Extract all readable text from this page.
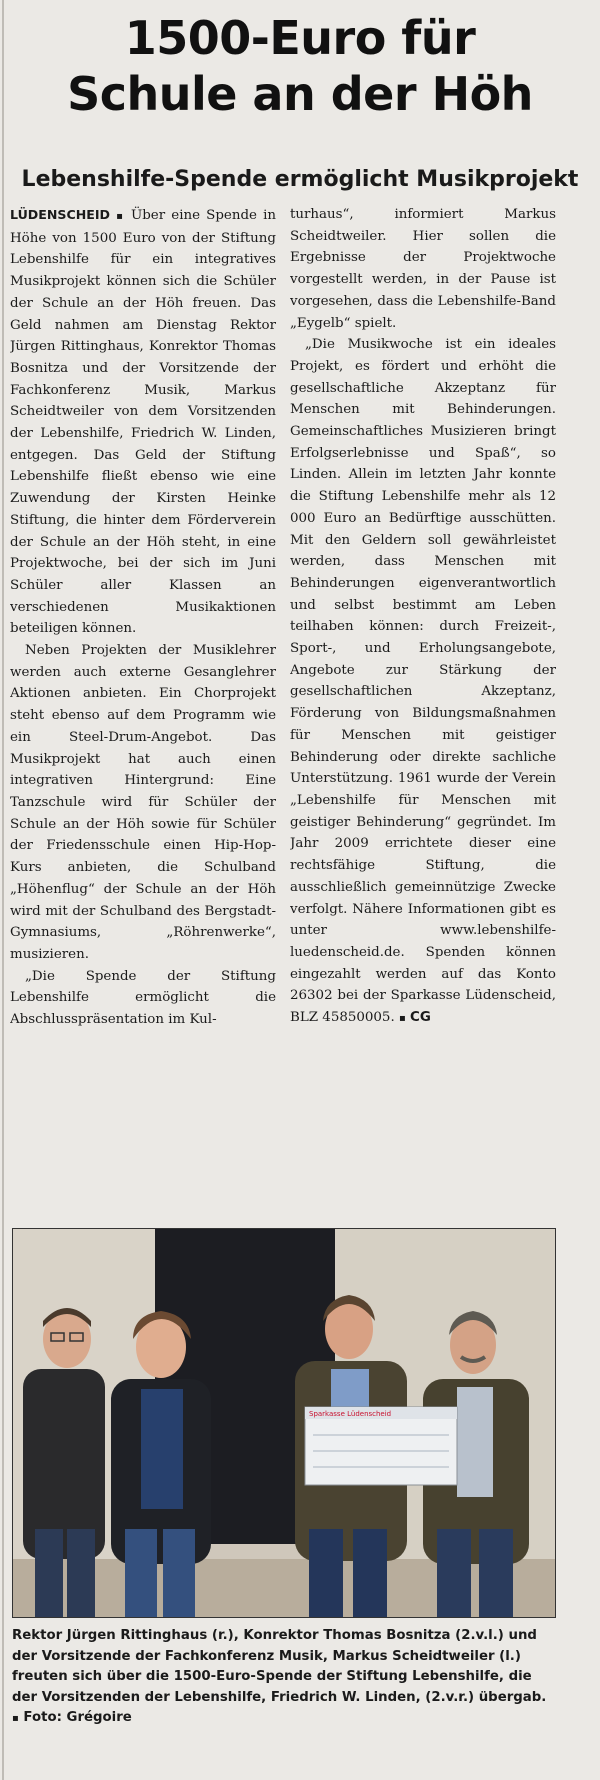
1500-Euro für
Schule an der Höh
Lebenshilfe-Spende ermöglicht Musikprojekt

LÜDENSCHEID ▪ Über eine Spende in Höhe von 1500 Euro von der Stiftung Lebenshilfe für ein integratives Musikprojekt können sich die Schüler der Schule an der Höh freuen. Das Geld nahmen am Dienstag Rektor Jürgen Rittinghaus, Konrektor Thomas Bosnitza und der Vorsitzende der Fachkonferenz Musik, Markus Scheidtweiler von dem Vorsitzenden der Lebenshilfe, Friedrich W. Linden, entgegen. Das Geld der Stiftung Lebenshilfe fließt ebenso wie eine Zuwendung der Kirsten Heinke Stiftung, die hinter dem Förderverein der Schule an der Höh steht, in eine Projektwoche, bei der sich im Juni Schüler aller Klassen an verschiedenen Musikaktionen beteiligen können.

Neben Projekten der Musiklehrer werden auch externe Gesanglehrer Aktionen anbieten. Ein Chorprojekt steht ebenso auf dem Programm wie ein Steel-Drum-Angebot. Das Musikprojekt hat auch einen integrativen Hintergrund: Eine Tanzschule wird für Schüler der Schule an der Höh sowie für Schüler der Friedensschule einen Hip-Hop-Kurs anbieten, die Schulband „Höhenflug“ der Schule an der Höh wird mit der Schulband des Bergstadt-Gymnasiums, „Röhrenwerke“, musizieren.

„Die Spende der Stiftung Lebenshilfe ermöglicht die Abschlusspräsentation im Kul-

turhaus“, informiert Markus Scheidtweiler. Hier sollen die Ergebnisse der Projektwoche vorgestellt werden, in der Pause ist vorgesehen, dass die Lebenshilfe-Band „Eygelb“ spielt.

„Die Musikwoche ist ein ideales Projekt, es fördert und erhöht die gesellschaftliche Akzeptanz für Menschen mit Behinderungen. Gemeinschaftliches Musizieren bringt Erfolgserlebnisse und Spaß“, so Linden. Allein im letzten Jahr konnte die Stiftung Lebenshilfe mehr als 12 000 Euro an Bedürftige ausschütten. Mit den Geldern soll gewährleistet werden, dass Menschen mit Behinderungen eigenverantwortlich und selbst bestimmt am Leben teilhaben können: durch Freizeit-, Sport-, und Erholungsangebote, Angebote zur Stärkung der gesellschaftlichen Akzeptanz, Förderung von Bildungsmaßnahmen für Menschen mit geistiger Behinderung oder direkte sachliche Unterstützung. 1961 wurde der Verein „Lebenshilfe für Menschen mit geistiger Behinderung“ gegründet. Im Jahr 2009 errichtete dieser eine rechtsfähige Stiftung, die ausschließlich gemeinnützige Zwecke verfolgt. Nähere Informationen gibt es unter www.lebenshilfe-luedenscheid.de. Spenden können eingezahlt werden auf das Konto 26302 bei der Sparkasse Lüdenscheid, BLZ 45850005. ▪ CG

Sparkasse Lüdenscheid

Rektor Jürgen Rittinghaus (r.), Konrektor Thomas Bosnitza (2.v.l.) und der Vorsitzende der Fachkonferenz Musik, Markus Scheidtweiler (l.) freuten sich über die 1500-Euro-Spende der Stiftung Lebenshilfe, die der Vorsitzenden der Lebenshilfe, Friedrich W. Linden, (2.v.r.) übergab. ▪ Foto: Grégoire
